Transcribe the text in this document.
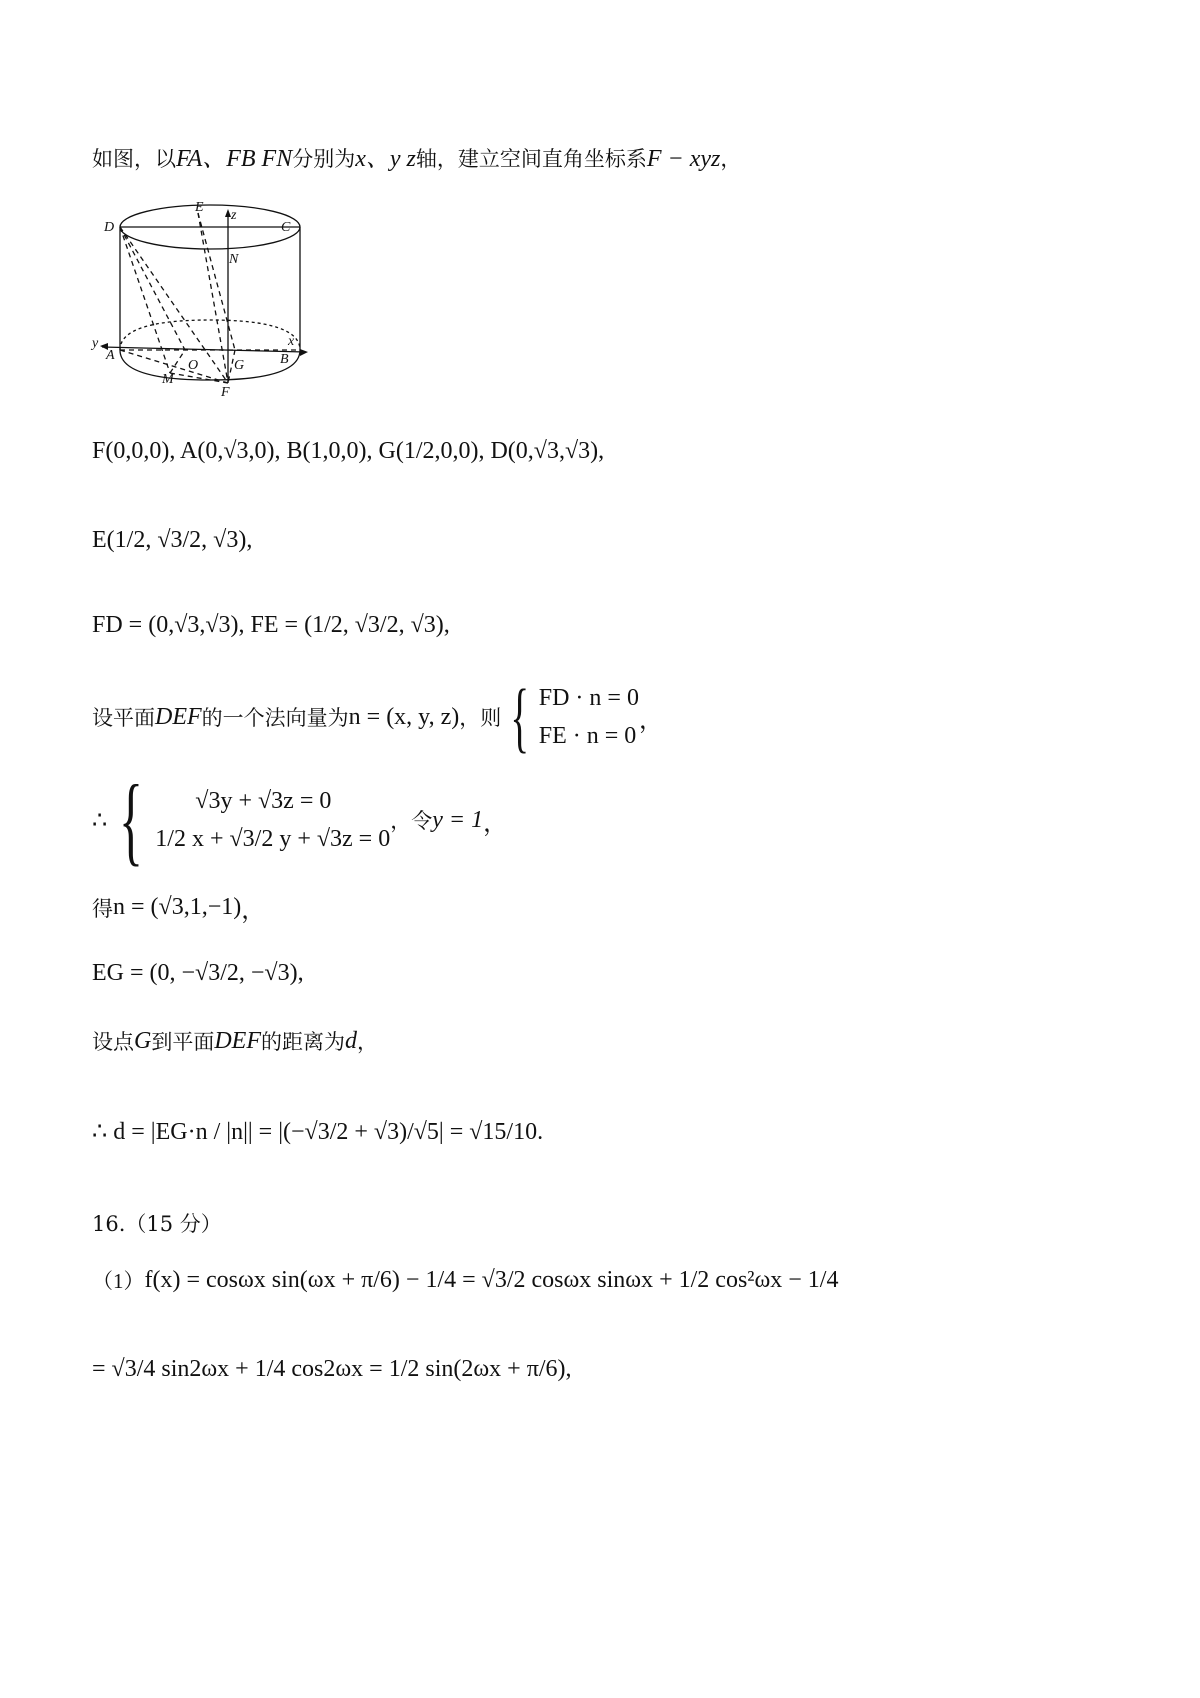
如图，以FA、FB FN分别为x、y z轴，建立空间直角坐标系F − xyz，
D
E
z
C
N
y
A
O	G	B
x
M
F
F(0,0,0), A(0,√3,0), B(1,0,0), G(1/2,0,0), D(0,√3,√3),
E(1/2, √3/2, √3),
FD = (0,√3,√3), FE = (1/2, √3/2, √3),
设平面 DEF 的一个法向量为 n = (x, y, z) ，则 { FD · n = 0
FE · n = 0
，
∴ {	√3y + √3z = 0
1/2 x + √3/2 y + √3z = 0
，令 y = 1 ，
得 n = (√3,1,−1) ，
EG = (0, −√3/2, −√3),
设点 G 到平面 DEF 的距离为 d ，
∴ d = |EG·n / |n|| = |(−√3/2 + √3)/√5| = √15/10.
16.（15 分）
（1） f(x) = cosωx sin(ωx + π/6) − 1/4 = √3/2 cosωx sinωx + 1/2 cos²ωx − 1/4
= √3/4 sin2ωx + 1/4 cos2ωx = 1/2 sin(2ωx + π/6),
